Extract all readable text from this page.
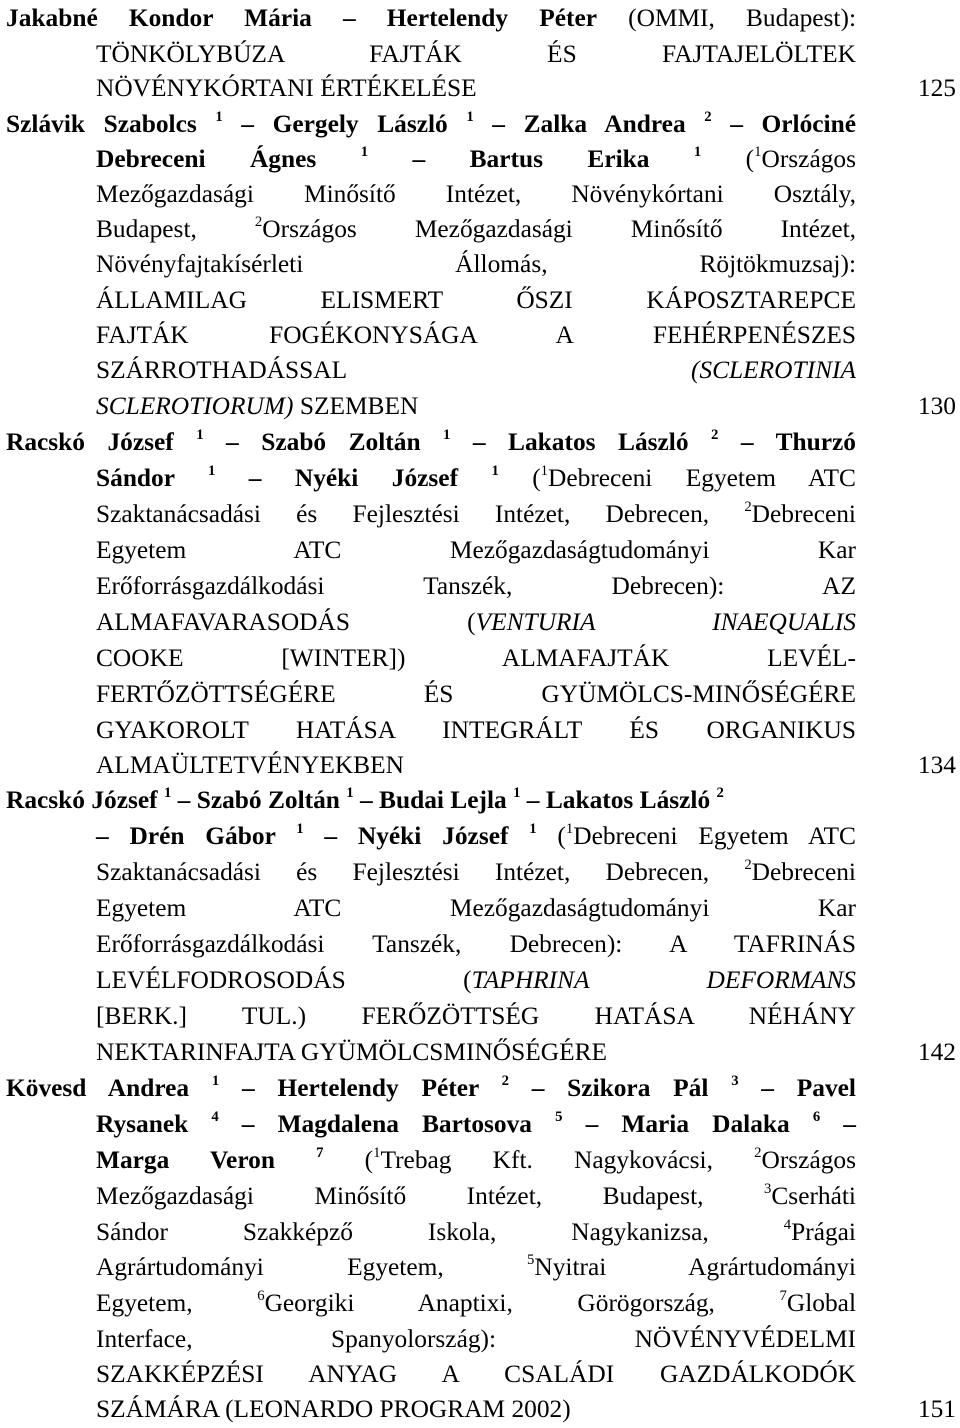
Jakabné Kondor Mária – Hertelendy Péter (OMMI, Budapest):
TÖNKÖLYBÚZA FAJTÁK ÉS FAJTAJELÖLTEK
NÖVÉNYKÓRTANI ÉRTÉKELÉSE	125
Szlávik Szabolcs $^1$ – Gergely László $^1$ – Zalka Andrea $^2$ – Orlóciné
Debreceni Ágnes $^1$ – Bartus Erika $^1$ ($^1$Országos
Mezőgazdasági Minősítő Intézet, Növénykórtani Osztály,
Budapest, $^2$Országos Mezőgazdasági Minősítő Intézet,
Növényfajtakísérleti Állomás, Röjtökmuzsaj):
ÁLLAMILAG ELISMERT ŐSZI KÁPOSZTAREPCE
FAJTÁK FOGÉKONYSÁGA A FEHÉRPENÉSZES
SZÁRROTHADÁSSAL (SCLEROTINIA
SCLEROTIORUM) SZEMBEN	130
Racskó József $^1$ – Szabó Zoltán $^1$ – Lakatos László $^2$ – Thurzó
Sándor $^1$ – Nyéki József $^1$ ($^1$Debreceni Egyetem ATC
Szaktanácsadási és Fejlesztési Intézet, Debrecen, $^2$Debreceni
Egyetem ATC Mezőgazdaságtudományi Kar
Erőforrásgazdálkodási Tanszék, Debrecen): AZ
ALMAFAVARASODÁS (VENTURIA INAEQUALIS
COOKE [WINTER]) ALMAFAJTÁK LEVÉL-
FERTŐZÖTTSÉGÉRE ÉS GYÜMÖLCS-MINŐSÉGÉRE
GYAKOROLT HATÁSA INTEGRÁLT ÉS ORGANIKUS
ALMAÜLTETVÉNYEKBEN	134
Racskó József $^1$ – Szabó Zoltán $^1$ – Budai Lejla $^1$ – Lakatos László $^2$
– Drén Gábor $^1$ – Nyéki József $^1$ ($^1$Debreceni Egyetem ATC
Szaktanácsadási és Fejlesztési Intézet, Debrecen, $^2$Debreceni
Egyetem ATC Mezőgazdaságtudományi Kar
Erőforrásgazdálkodási Tanszék, Debrecen): A TAFRINÁS
LEVÉLFODROSODÁS (TAPHRINA DEFORMANS
[BERK.] TUL.) FERŐZÖTTSÉG HATÁSA NÉHÁNY
NEKTARINFAJTA GYÜMÖLCSMINŐSÉGÉRE	142
Kövesd Andrea $^1$ – Hertelendy Péter $^2$ – Szikora Pál $^3$ – Pavel
Rysanek $^4$ – Magdalena Bartosova $^5$ – Maria Dalaka $^6$ –
Marga Veron $^7$ ($^1$Trebag Kft. Nagykovácsi, $^2$Országos
Mezőgazdasági Minősítő Intézet, Budapest, $^3$Cserháti
Sándor Szakképző Iskola, Nagykanizsa, $^4$Prágai
Agrártudományi Egyetem, $^5$Nyitrai Agrártudományi
Egyetem, $^6$Georgiki Anaptixi, Görögország, $^7$Global
Interface, Spanyolország): NÖVÉNYVÉDELMI
SZAKKÉPZÉSI ANYAG A CSALÁDI GAZDÁLKODÓK
SZÁMÁRA (LEONARDO PROGRAM 2002)	151
